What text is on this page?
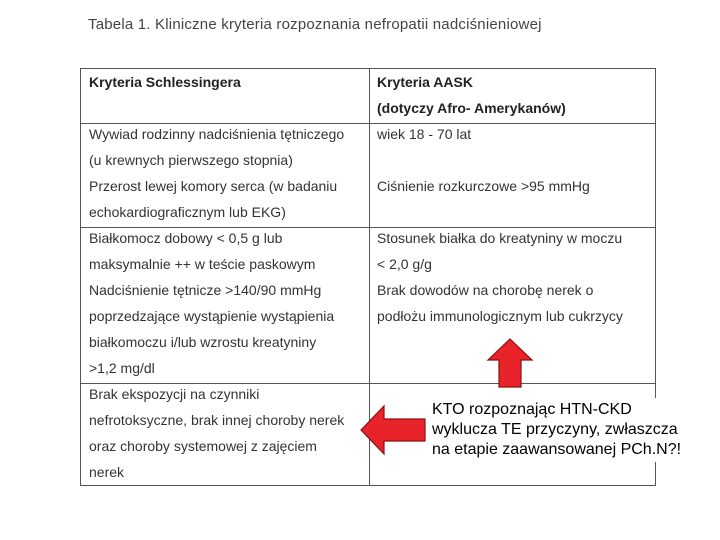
Tabela 1. Kliniczne kryteria rozpoznania nefropatii nadciśnieniowej
Kryteria Schlessingera	Kryteria AASK
(dotyczy Afro- Amerykanów)
Wywiad rodzinny nadciśnienia tętniczego
(u krewnych pierwszego stopnia)
Przerost lewej komory serca (w badaniu
echokardiograficznym lub EKG)
wiek 18 - 70 lat
Ciśnienie rozkurczowe >95 mmHg
Białkomocz dobowy < 0,5 g lub
maksymalnie ++ w teście paskowym
Nadciśnienie tętnicze >140/90 mmHg
poprzedzające wystąpienie wystąpienia
białkomoczu i/lub wzrostu kreatyniny
>1,2 mg/dl
Stosunek białka do kreatyniny w moczu
< 2,0 g/g
Brak dowodów na chorobę nerek o
podłożu immunologicznym lub cukrzycy
Brak ekspozycji na czynniki
nefrotoksyczne, brak innej choroby nerek
oraz choroby systemowej z zajęciem
nerek
KTO rozpoznając HTN-CKD
wyklucza TE przyczyny, zwłaszcza
na etapie zaawansowanej PCh.N?!
